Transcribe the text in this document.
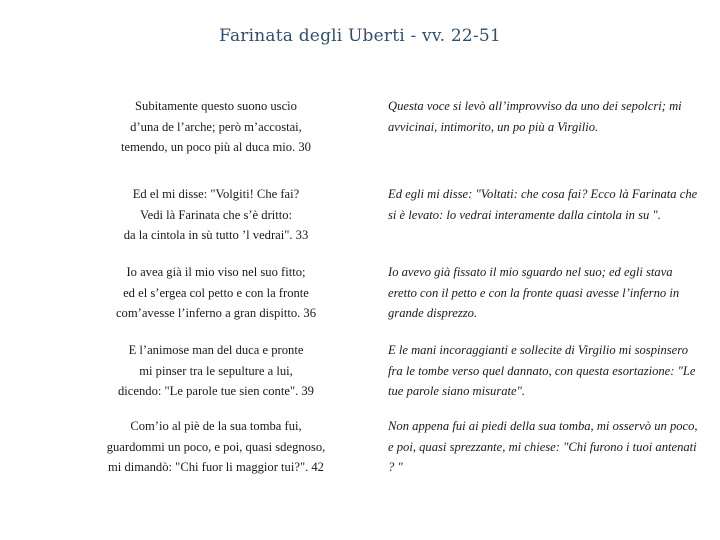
Farinata degli Uberti - vv. 22-51
Subitamente questo suono uscìo
d’una de l’arche; però m’accostai,
temendo, un poco più al duca mio. 30
Questa voce si levò all’improvviso da uno dei sepolcri; mi avvicinai, intimorito, un po più a Virgilio.
Ed el mi disse: "Volgiti! Che fai?
Vedi là Farinata che s’è dritto:
da la cintola in sù tutto ’l vedrai". 33
Ed egli mi disse: "Voltati: che cosa fai? Ecco là Farinata che si è levato: lo vedrai interamente dalla cintola in su ".
Io avea già il mio viso nel suo fitto;
ed el s’ergea col petto e con la fronte
com’avesse l’inferno a gran dispitto. 36
Io avevo già fissato il mio sguardo nel suo; ed egli stava eretto con il petto e con la fronte quasi avesse l’inferno in grande disprezzo.
E l’animose man del duca e pronte
mi pinser tra le sepulture a lui,
dicendo: "Le parole tue sien conte". 39
E le mani incoraggianti e sollecite di Virgilio mi sospinsero fra le tombe verso quel dannato, con questa esortazione: "Le tue parole siano misurate".
Com’io al piè de la sua tomba fui,
guardommi un poco, e poi, quasi sdegnoso,
mi dimandò: "Chi fuor li maggior tui?". 42
Non appena fui ai piedi della sua tomba, mi osservò un poco, e poi, quasi sprezzante, mi chiese: "Chi furono i tuoi antenati ? "
